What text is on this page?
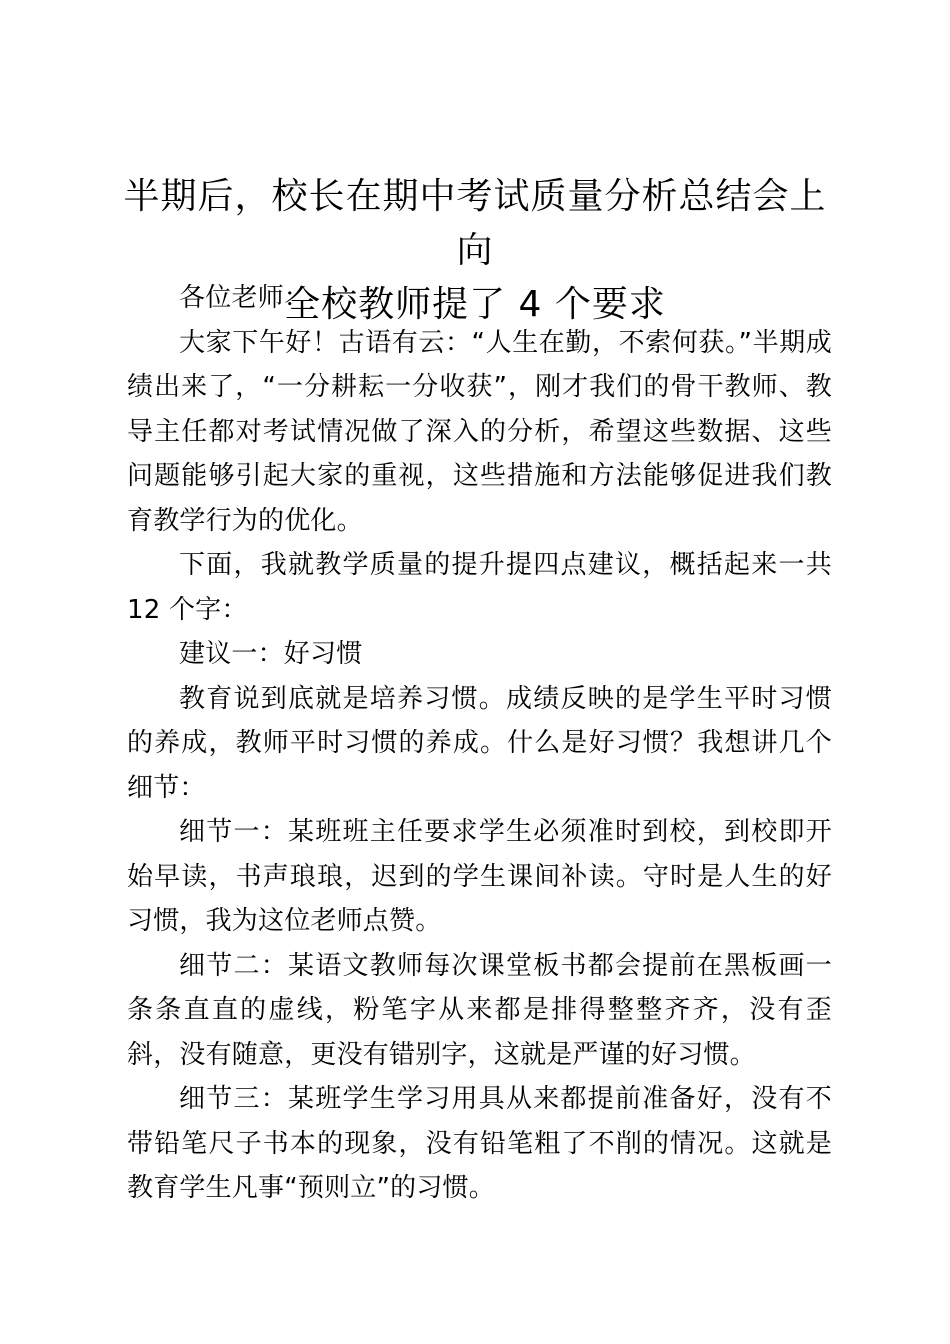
半期后，校长在期中考试质量分析总结会上向
全校教师提了 4 个要求

各位老师：

大家下午好！古语有云：“人生在勤，不索何获。”半期成绩出来了，“一分耕耘一分收获”，刚才我们的骨干教师、教导主任都对考试情况做了深入的分析，希望这些数据、这些问题能够引起大家的重视，这些措施和方法能够促进我们教育教学行为的优化。

下面，我就教学质量的提升提四点建议，概括起来一共 12 个字：

建议一：好习惯

教育说到底就是培养习惯。成绩反映的是学生平时习惯的养成，教师平时习惯的养成。什么是好习惯？我想讲几个细节：

细节一：某班班主任要求学生必须准时到校，到校即开始早读，书声琅琅，迟到的学生课间补读。守时是人生的好习惯，我为这位老师点赞。

细节二：某语文教师每次课堂板书都会提前在黑板画一条条直直的虚线，粉笔字从来都是排得整整齐齐，没有歪斜，没有随意，更没有错别字，这就是严谨的好习惯。

细节三：某班学生学习用具从来都提前准备好，没有不带铅笔尺子书本的现象，没有铅笔粗了不削的情况。这就是教育学生凡事“预则立”的习惯。
